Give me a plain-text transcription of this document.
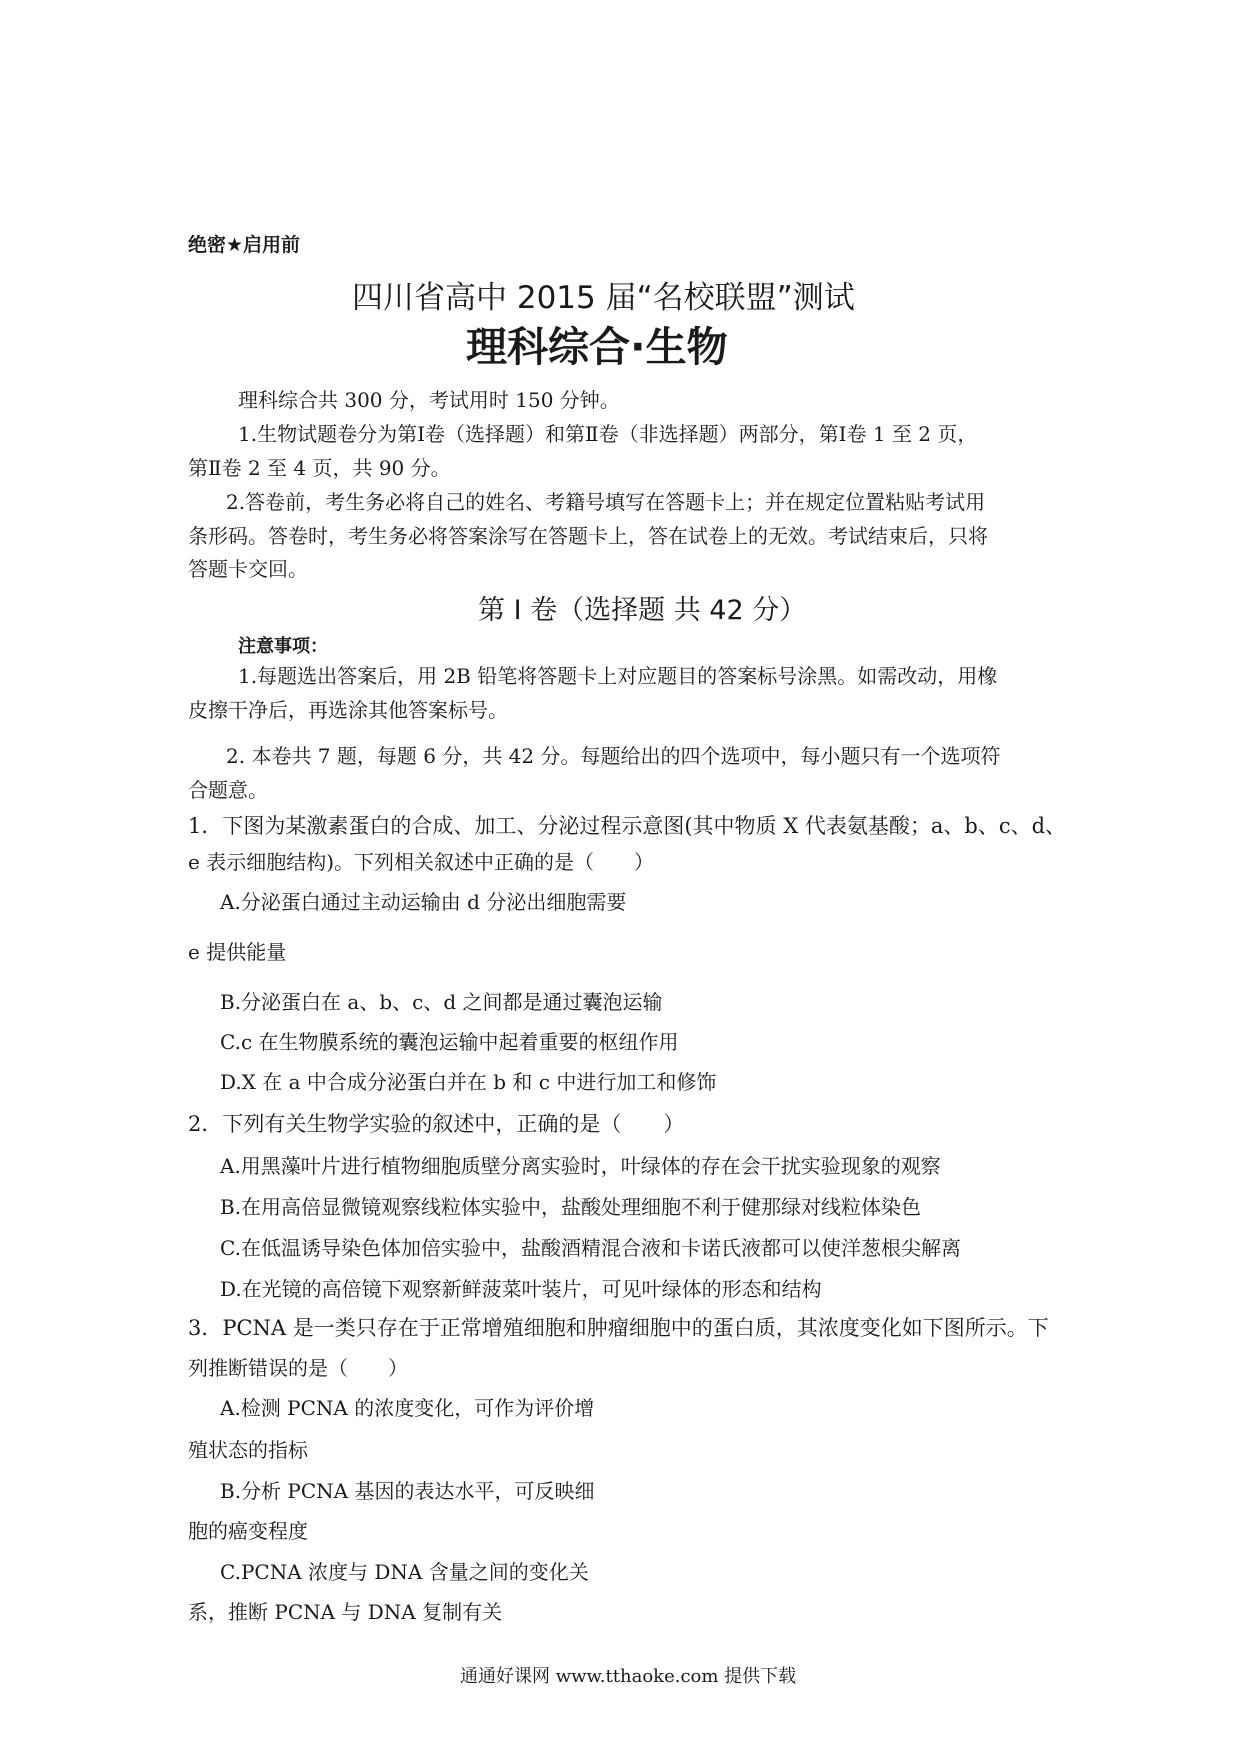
绝密★启用前
四川省高中 2015 届“名校联盟”测试
理科综合·生物
理科综合共 300 分，考试用时 150 分钟。
1.生物试题卷分为第Ⅰ卷（选择题）和第Ⅱ卷（非选择题）两部分，第Ⅰ卷 1 至 2 页，
第Ⅱ卷 2 至 4 页，共 90 分。
2.答卷前，考生务必将自己的姓名、考籍号填写在答题卡上；并在规定位置粘贴考试用
条形码。答卷时，考生务必将答案涂写在答题卡上，答在试卷上的无效。考试结束后，只将
答题卡交回。
第 Ⅰ 卷（选择题 共 42 分）
注意事项：
1.每题选出答案后，用 2B 铅笔将答题卡上对应题目的答案标号涂黑。如需改动，用橡
皮擦干净后，再选涂其他答案标号。
2. 本卷共 7 题，每题 6 分，共 42 分。每题给出的四个选项中，每小题只有一个选项符
合题意。
1．下图为某激素蛋白的合成、加工、分泌过程示意图(其中物质 X 代表氨基酸；a、b、c、d、
e 表示细胞结构)。下列相关叙述中正确的是（　　）
A.分泌蛋白通过主动运输由 d 分泌出细胞需要
e 提供能量
B.分泌蛋白在 a、b、c、d 之间都是通过囊泡运输
C.c 在生物膜系统的囊泡运输中起着重要的枢纽作用
D.X 在 a 中合成分泌蛋白并在 b 和 c 中进行加工和修饰
2．下列有关生物学实验的叙述中，正确的是（　　）
A.用黑藻叶片进行植物细胞质壁分离实验时，叶绿体的存在会干扰实验现象的观察
B.在用高倍显微镜观察线粒体实验中，盐酸处理细胞不利于健那绿对线粒体染色
C.在低温诱导染色体加倍实验中，盐酸酒精混合液和卡诺氏液都可以使洋葱根尖解离
D.在光镜的高倍镜下观察新鲜菠菜叶装片，可见叶绿体的形态和结构
3．PCNA 是一类只存在于正常增殖细胞和肿瘤细胞中的蛋白质，其浓度变化如下图所示。下
列推断错误的是（　　）
A.检测 PCNA 的浓度变化，可作为评价增
殖状态的指标
B.分析 PCNA 基因的表达水平，可反映细
胞的癌变程度
C.PCNA 浓度与 DNA 含量之间的变化关
系，推断 PCNA 与 DNA 复制有关
通通好课网 www.tthaoke.com 提供下载
